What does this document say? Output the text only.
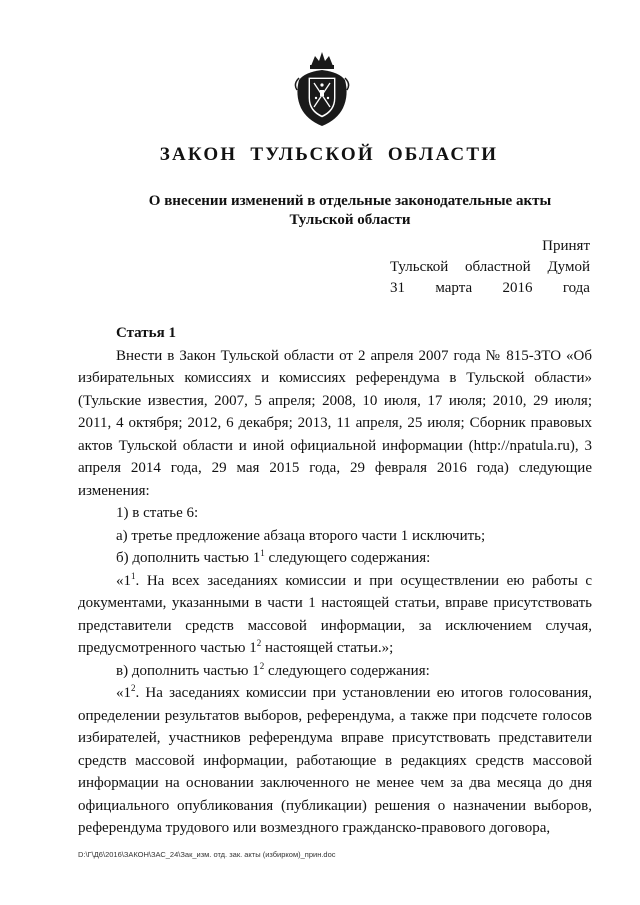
ЗАКОН ТУЛЬСКОЙ ОБЛАСТИ
О внесении изменений в отдельные законодательные акты
Тульской области
Принят
Тульской областной Думой
31 марта 2016 года
Статья 1
Внести в Закон Тульской области от 2 апреля 2007 года № 815-ЗТО «Об избирательных комиссиях и комиссиях референдума в Тульской области» (Тульские известия, 2007, 5 апреля; 2008, 10 июля, 17 июля; 2010, 29 июля; 2011, 4 октября; 2012, 6 декабря; 2013, 11 апреля, 25 июля; Сборник правовых актов Тульской области и иной официальной информации (http://npatula.ru), 3 апреля 2014 года, 29 мая 2015 года, 29 февраля 2016 года) следующие изменения:
1) в статье 6:
а) третье предложение абзаца второго части 1 исключить;
б) дополнить частью $1^1$ следующего содержания:
«$1^1$. На всех заседаниях комиссии и при осуществлении ею работы с документами, указанными в части 1 настоящей статьи, вправе присутствовать представители средств массовой информации, за исключением случая, предусмотренного частью $1^2$ настоящей статьи.»;
в) дополнить частью $1^2$ следующего содержания:
«$1^2$. На заседаниях комиссии при установлении ею итогов голосования, определении результатов выборов, референдума, а также при подсчете голосов избирателей, участников референдума вправе присутствовать представители средств массовой информации, работающие в редакциях средств массовой информации на основании заключенного не менее чем за два месяца до дня официального опубликования (публикации) решения о назначении выборов, референдума трудового или возмездного гражданско-правового договора,
D:\Г\Д6\2016\ЗАКОН\ЗАС_24\Зак_изм. отд. зак. акты (избирком)_прин.doc
